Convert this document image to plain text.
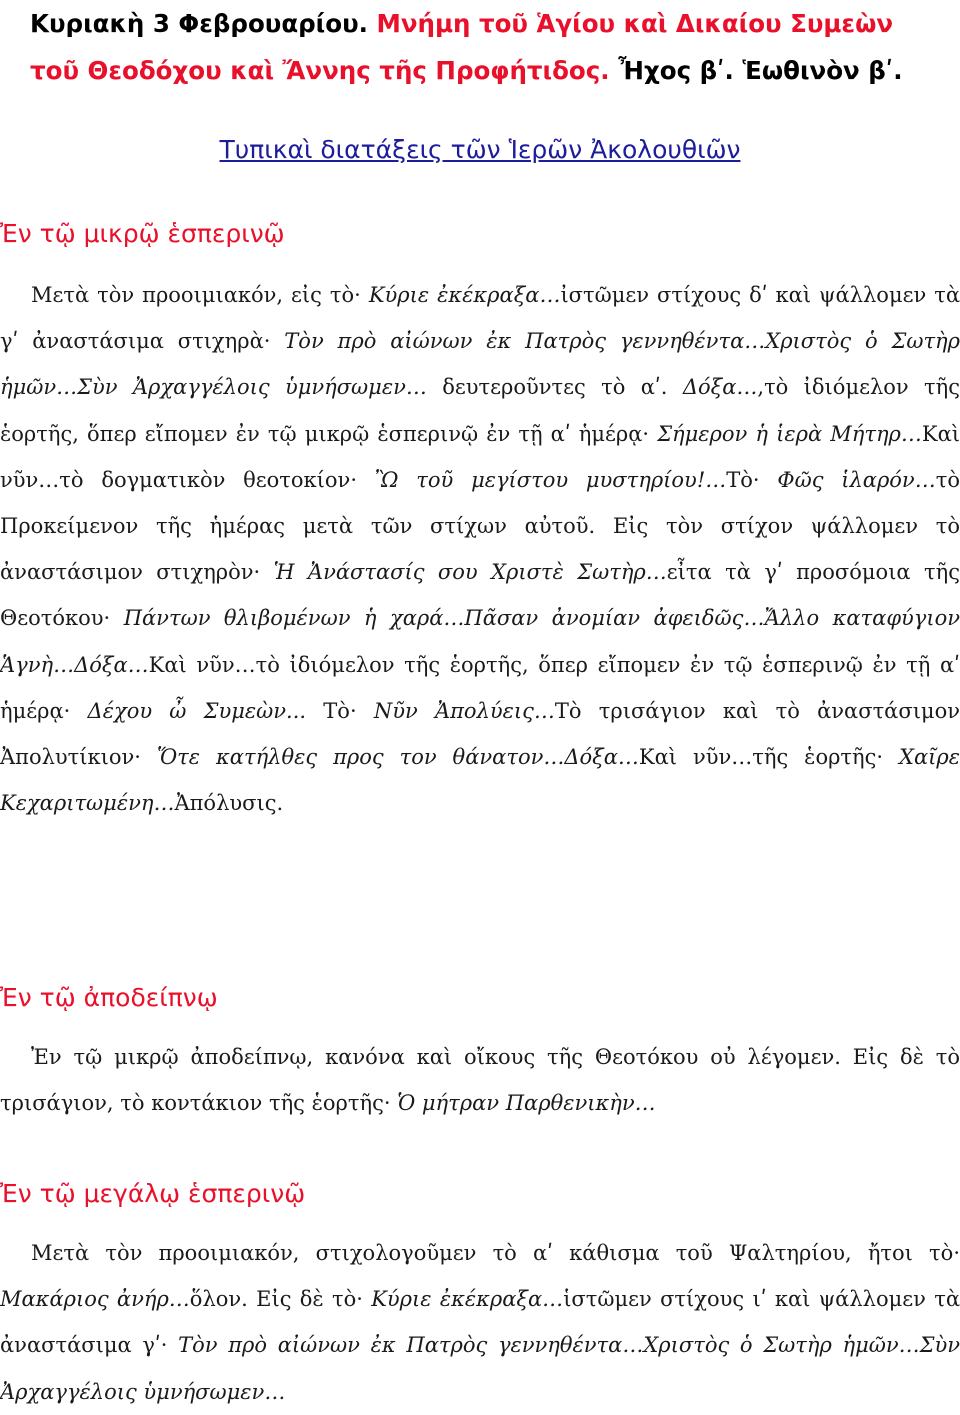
Κυριακὴ 3 Φεβρουαρίου. Μνήμη τοῦ Ἁγίου καὶ Δικαίου Συμεὼν τοῦ Θεοδόχου καὶ Ἄννης τῆς Προφήτιδος. Ἦχος βʹ. Ἑωθινὸν βʹ.
Τυπικαὶ διατάξεις τῶν Ἱερῶν Ἀκολουθιῶν
Ἐν τῷ μικρῷ ἑσπερινῷ

Μετὰ τὸν προοιμιακόν, εἰς τὸ· Κύριε ἐκέκραξα…ἰστῶμεν στίχους δʹ καὶ ψάλλομεν τὰ γʹ ἀναστάσιμα στιχηρὰ· Τὸν πρὸ αἰώνων ἐκ Πατρὸς γεννηθέντα…Χριστὸς ὁ Σωτὴρ ἡμῶν…Σὺν Ἀρχαγγέλοις ὑμνήσωμεν… δευτεροῦντες τὸ αʹ. Δόξα…,τὸ ἰδιόμελον τῆς ἑορτῆς, ὅπερ εἴπομεν ἐν τῷ μικρῷ ἑσπερινῷ ἐν τῇ αʹ ἡμέρᾳ· Σήμερον ἡ ἱερὰ Μήτηρ…Καὶ νῦν…τὸ δογματικὸν θεοτοκίον· Ὢ τοῦ μεγίστου μυστηρίου!…Τὸ· Φῶς ἱλαρόν…τὸ Προκείμενον τῆς ἡμέρας μετὰ τῶν στίχων αὐτοῦ. Εἰς τὸν στίχον ψάλλομεν τὸ ἀναστάσιμον στιχηρὸν· Ἡ Ἀνάστασίς σου Χριστὲ Σωτὴρ…εἶτα τὰ γʹ προσόμοια τῆς Θεοτόκου· Πάντων θλιβομένων ἡ χαρά…Πᾶσαν ἀνομίαν ἀφειδῶς…Ἄλλο καταφύγιον Ἁγνὴ…Δόξα…Καὶ νῦν…τὸ ἰδιόμελον τῆς ἑορτῆς, ὅπερ εἴπομεν ἐν τῷ ἑσπερινῷ ἐν τῇ αʹ ἡμέρᾳ· Δέχου ὦ Συμεὼν... Τὸ· Νῦν Ἀπολύεις…Τὸ τρισάγιον καὶ τὸ ἀναστάσιμον Ἀπολυτίκιον· Ὅτε κατήλθες προς τον θάνατον…Δόξα…Καὶ νῦν…τῆς ἑορτῆς· Χαῖρε Κεχαριτωμένη…Ἀπόλυσις.

Ἐν τῷ ἀποδείπνῳ

Ἐν τῷ μικρῷ ἀποδείπνῳ, κανόνα καὶ οἴκους τῆς Θεοτόκου οὐ λέγομεν. Εἰς δὲ τὸ τρισάγιον, τὸ κοντάκιον τῆς ἑορτῆς· Ὁ μήτραν Παρθενικὴν…

Ἐν τῷ μεγάλῳ ἑσπερινῷ

Μετὰ τὸν προοιμιακόν, στιχολογοῦμεν τὸ αʹ κάθισμα τοῦ Ψαλτηρίου, ἤτοι τὸ· Μακάριος ἀνήρ…ὅλον. Εἰς δὲ τὸ· Κύριε ἐκέκραξα…ἱστῶμεν στίχους ιʹ καὶ ψάλλομεν τὰ ἀναστάσιμα γʹ· Τὸν πρὸ αἰώνων ἐκ Πατρὸς γεννηθέντα…Χριστὸς ὁ Σωτὴρ ἡμῶν…Σὺν Ἀρχαγγέλοις ὑμνήσωμεν…
